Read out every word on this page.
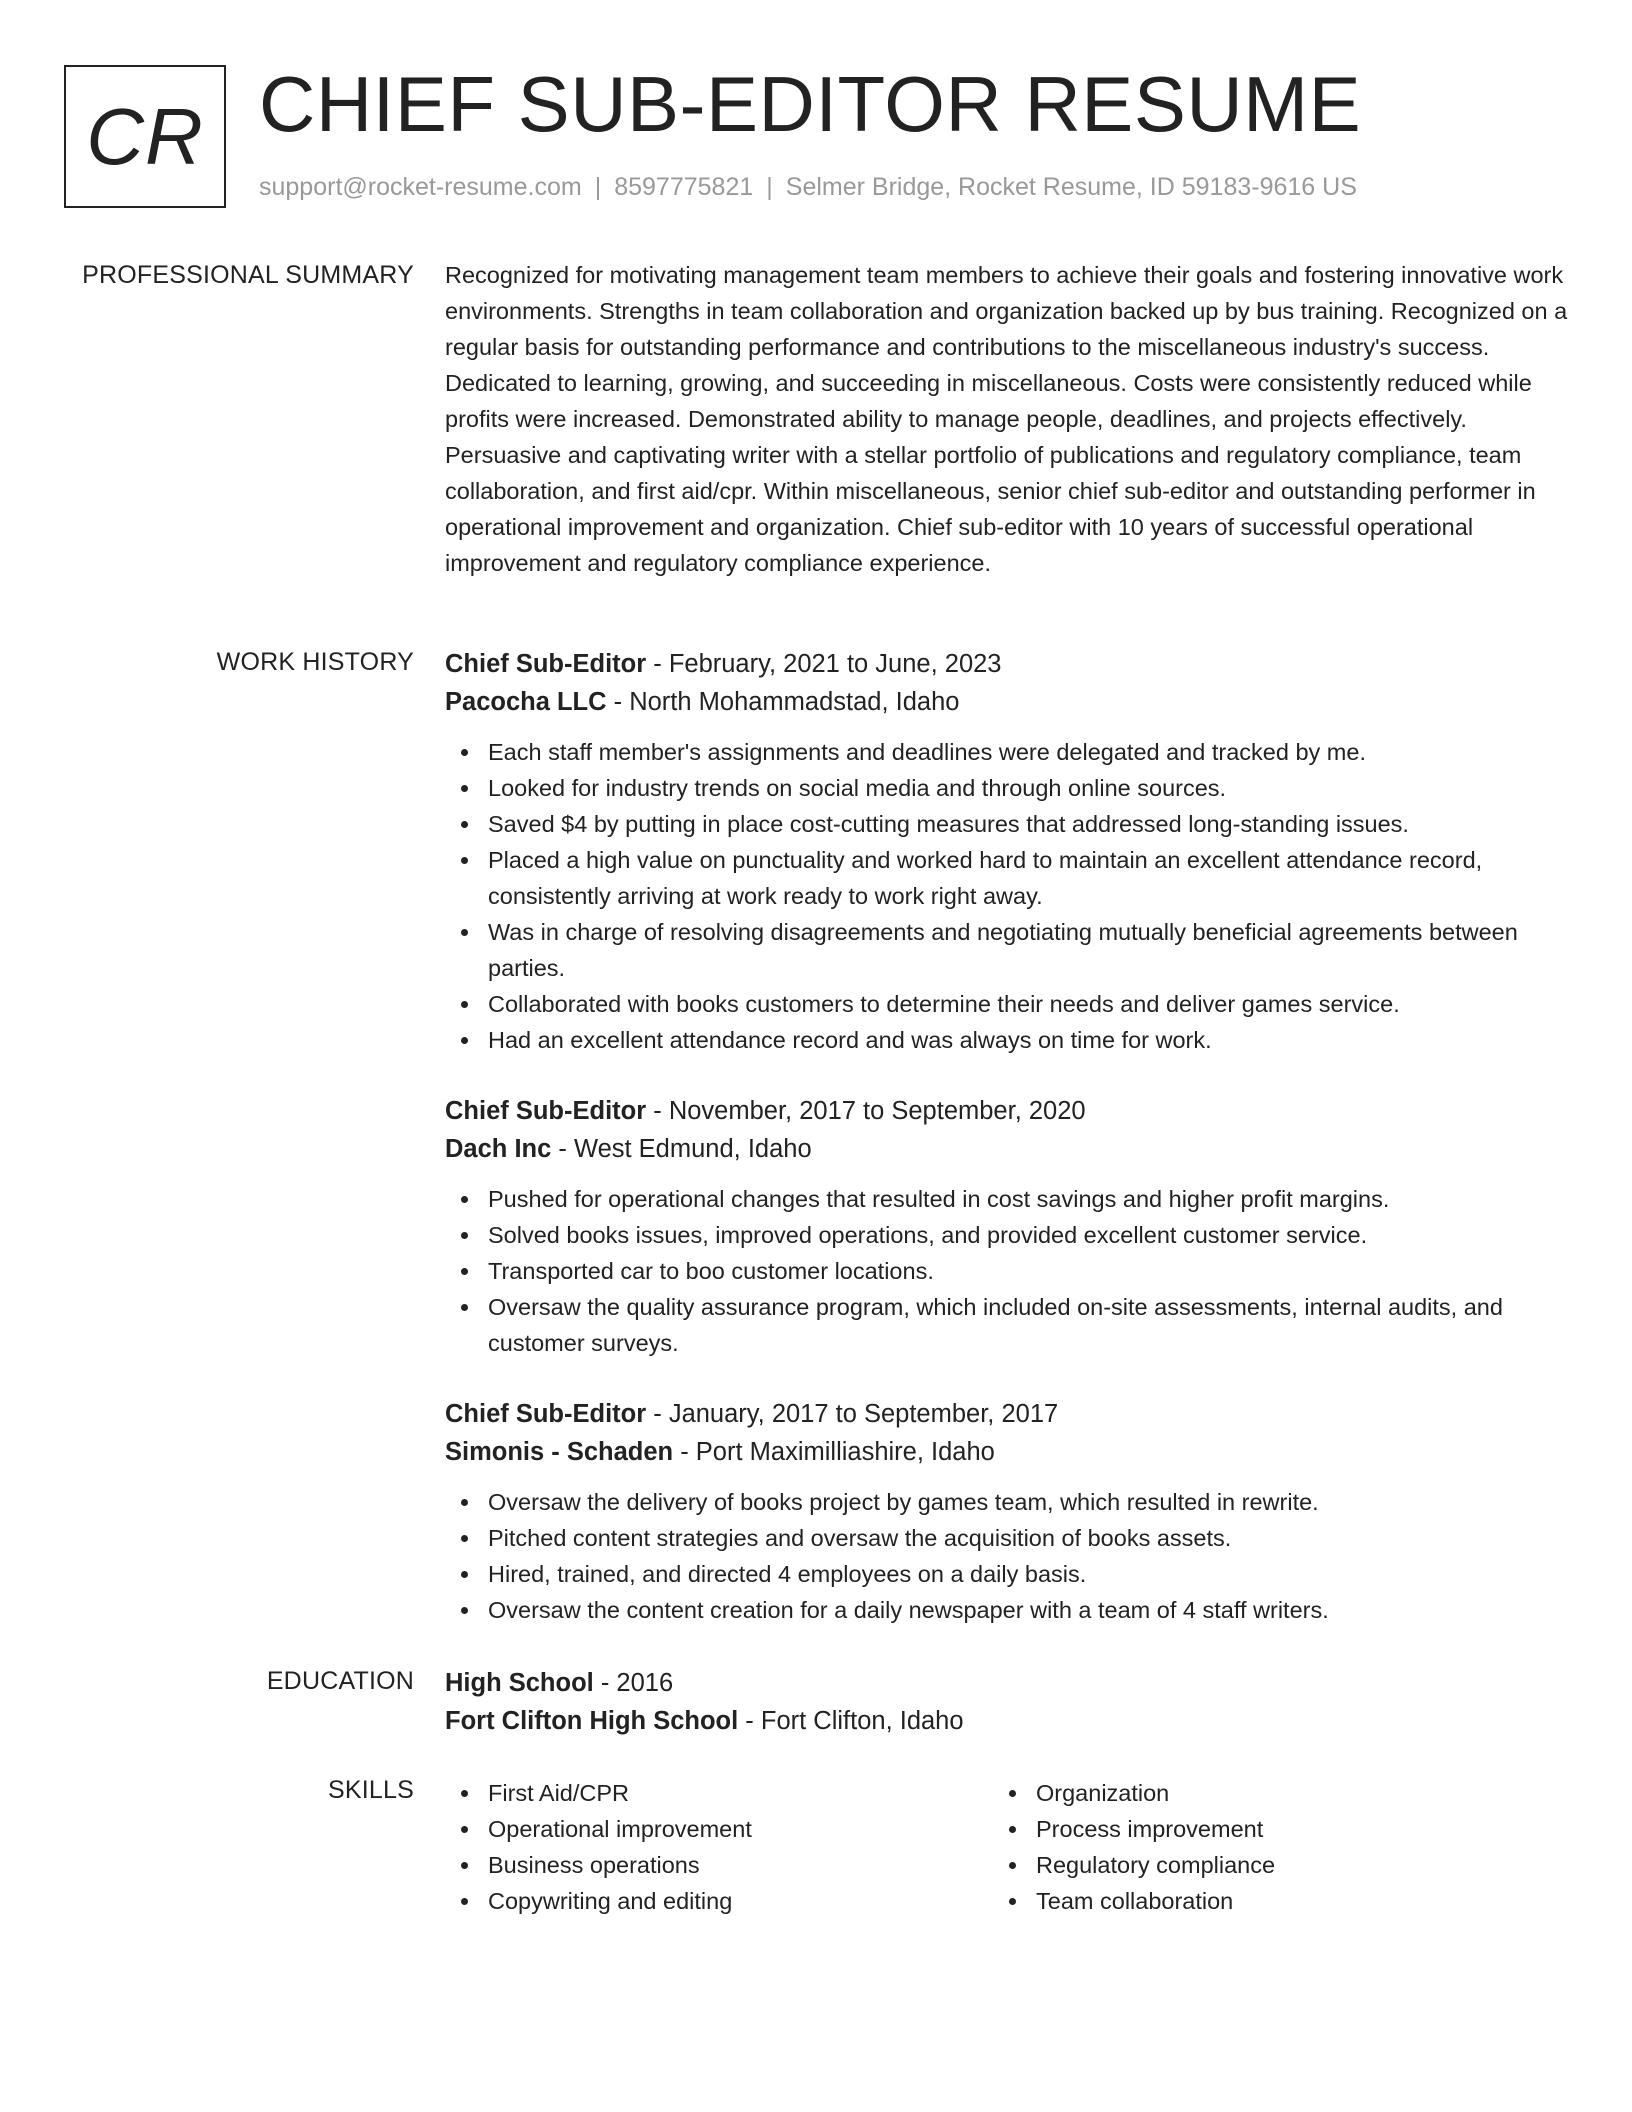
CR CHIEF SUB-EDITOR RESUME
support@rocket-resume.com | 8597775821 | Selmer Bridge, Rocket Resume, ID 59183-9616 US
PROFESSIONAL SUMMARY Recognized for motivating management team members to achieve their goals and fostering innovative work environments. Strengths in team collaboration and organization backed up by bus training. Recognized on a regular basis for outstanding performance and contributions to the miscellaneous industry's success. Dedicated to learning, growing, and succeeding in miscellaneous. Costs were consistently reduced while profits were increased. Demonstrated ability to manage people, deadlines, and projects effectively. Persuasive and captivating writer with a stellar portfolio of publications and regulatory compliance, team collaboration, and first aid/cpr. Within miscellaneous, senior chief sub-editor and outstanding performer in operational improvement and organization. Chief sub-editor with 10 years of successful operational improvement and regulatory compliance experience.

WORK HISTORY Chief Sub-Editor - February, 2021 to June, 2023
Pacocha LLC - North Mohammadstad, Idaho
Each staff member's assignments and deadlines were delegated and tracked by me.
Looked for industry trends on social media and through online sources.
Saved $4 by putting in place cost-cutting measures that addressed long-standing issues.
Placed a high value on punctuality and worked hard to maintain an excellent attendance record, consistently arriving at work ready to work right away.
Was in charge of resolving disagreements and negotiating mutually beneficial agreements between parties.
Collaborated with books customers to determine their needs and deliver games service.
Had an excellent attendance record and was always on time for work.
Chief Sub-Editor - November, 2017 to September, 2020
Dach Inc - West Edmund, Idaho
Pushed for operational changes that resulted in cost savings and higher profit margins.
Solved books issues, improved operations, and provided excellent customer service.
Transported car to boo customer locations.
Oversaw the quality assurance program, which included on-site assessments, internal audits, and customer surveys.
Chief Sub-Editor - January, 2017 to September, 2017
Simonis - Schaden - Port Maximilliashire, Idaho
Oversaw the delivery of books project by games team, which resulted in rewrite.
Pitched content strategies and oversaw the acquisition of books assets.
Hired, trained, and directed 4 employees on a daily basis.
Oversaw the content creation for a daily newspaper with a team of 4 staff writers.
EDUCATION High School - 2016
Fort Clifton High School - Fort Clifton, Idaho
SKILLS	First Aid/CPR
Operational improvement
Business operations
Copywriting and editing
Organization
Process improvement
Regulatory compliance
Team collaboration
